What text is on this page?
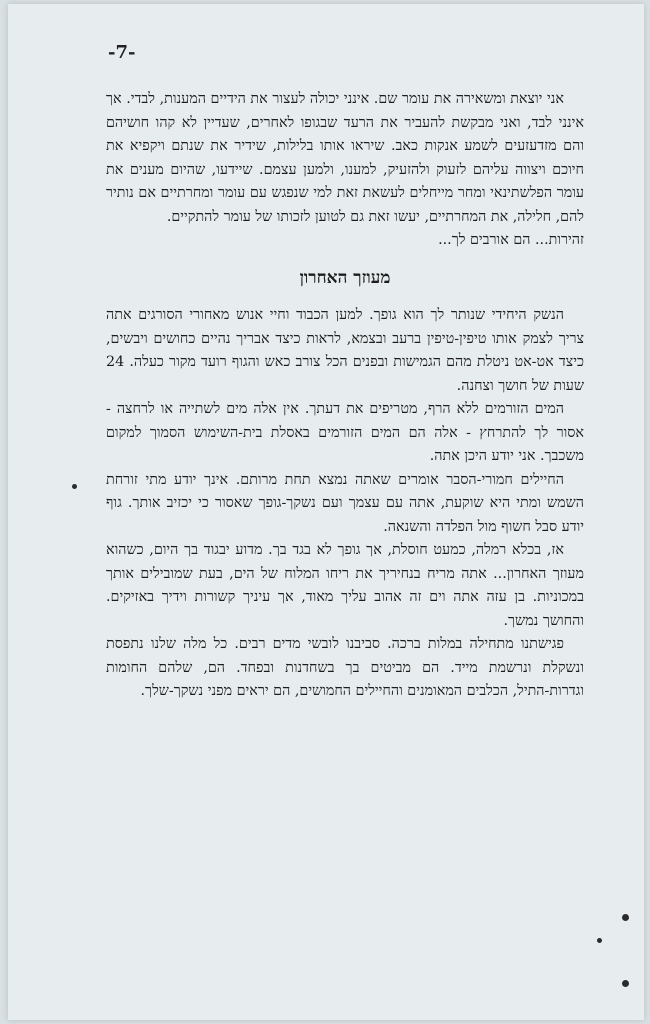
-7-

אני יוצאת ומשאירה את עומר שם. אינני יכולה לעצור את הידיים המענות, לבדי. אך אינני לבד, ואני מבקשת להעביר את הרעד שבגופו לאחרים, שעדיין לא קהו חושיהם והם מזדעזעים לשמע אנקות כאב. שיראו אותו בלילות, שידיר את שנתם ויקפיא את חיוכם ויצווה עליהם לזעוק ולהזעיק, למענו, ולמען עצמם. שיידעו, שהיום מענים את עומר הפלשתינאי ומחר מייחלים לעשאת זאת למי שנפגש עם עומר ומחרתיים אם נותיר להם, חלילה, את המחרתיים, יעשו זאת גם לטוען לזכותו של עומר להתקיים.

זהירות... הם אורבים לך...

מעוזך האחרון

הנשק היחידי שנותר לך הוא גופך. למען הכבוד וחיי אנוש מאחורי הסורגים אתה צריך לצמק אותו טיפין-טיפין ברעב ובצמא, לראות כיצד אבריך נהיים כחושים ויבשים, כיצד אט-אט ניטלת מהם הגמישות ובפנים הכל צורב כאש והגוף רועד מקור כעלה. 24 שעות של חושך וצחנה.

המים הזורמים ללא הרף, מטריפים את דעתך. אין אלה מים לשתייה או לרחצה - אסור לך להתרחץ - אלה הם המים הזורמים באסלת בית-השימוש הסמוך למקום משכבך. אני יודע היכן אתה.

החיילים חמורי-הסבר אומרים שאתה נמצא תחת מרותם. אינך יודע מתי זורחת השמש ומתי היא שוקעת, אתה עם עצמך ועם נשקך-גופך שאסור כי יכזיב אותך. גוף יודע סבל חשוף מול הפלדה והשנאה.

אז, בכלא רמלה, כמעט חוסלת, אך גופך לא בגד בך. מדוע יבגוד בך היום, כשהוא מעוזך האחרון... אתה מריח בנחיריך את ריחו המלוח של הים, בעת שמובילים אותך במכוניות. בן עזה אתה וים זה אהוב עליך מאוד, אך עיניך קשורות וידיך באזיקים. והחושך נמשך.

פגישתנו מתחילה במלות ברכה. סביבנו לובשי מדים רבים. כל מלה שלנו נתפסת ונשקלת ונרשמת מייד. הם מביטים בך בשחדנות ובפחד. הם, שלהם החומות וגדרות-התיל, הכלבים המאומנים והחיילים החמושים, הם יראים מפני נשקך-שלך.
